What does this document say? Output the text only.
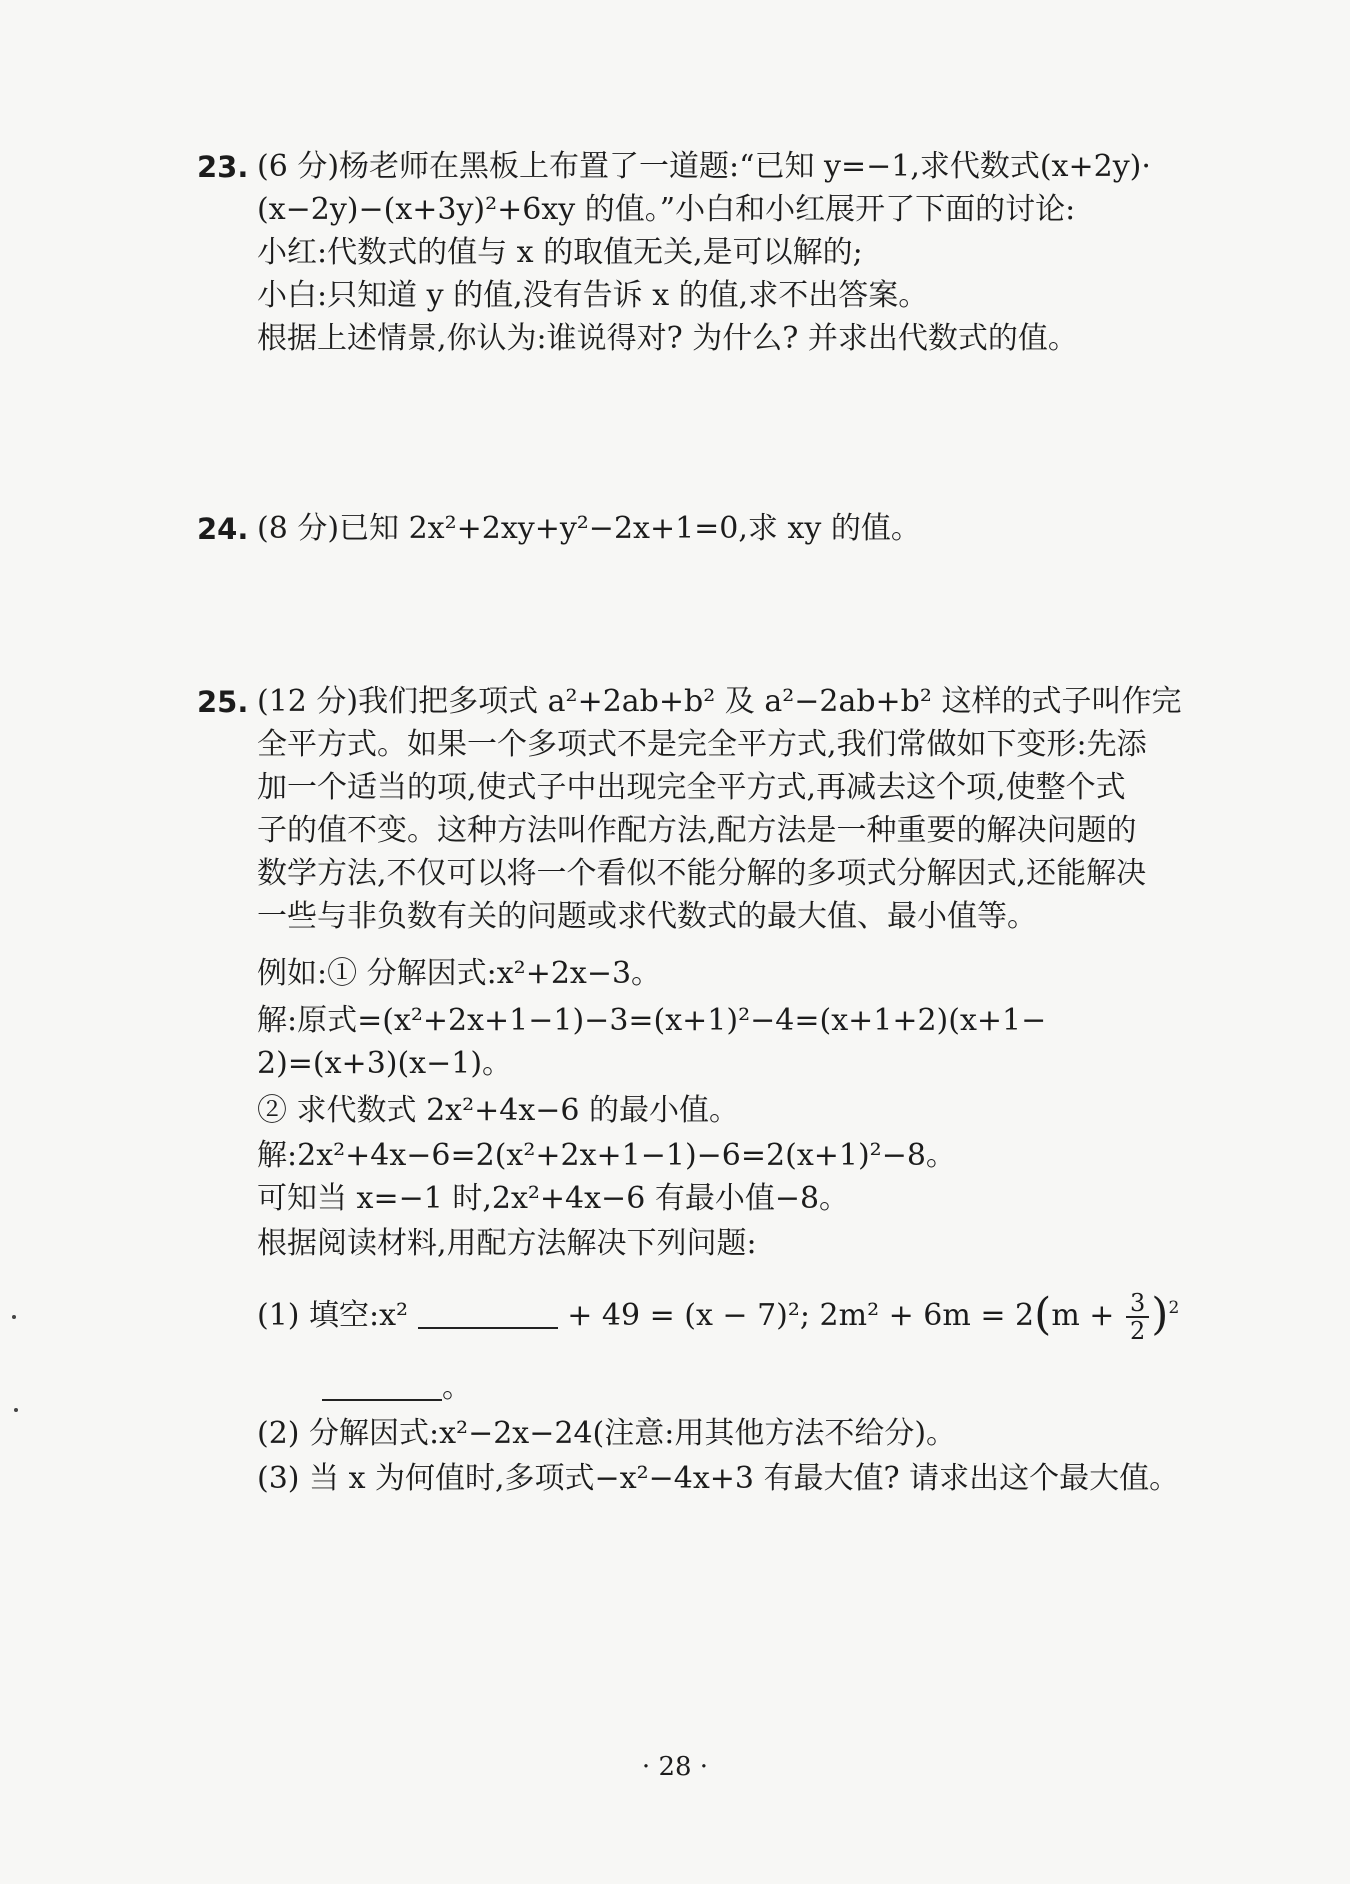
23. (6 分)杨老师在黑板上布置了一道题:“已知 y=−1,求代数式(x+2y)·
(x−2y)−(x+3y)²+6xy 的值。”小白和小红展开了下面的讨论:
小红:代数式的值与 x 的取值无关,是可以解的;
小白:只知道 y 的值,没有告诉 x 的值,求不出答案。
根据上述情景,你认为:谁说得对? 为什么? 并求出代数式的值。
24. (8 分)已知 2x²+2xy+y²−2x+1=0,求 xy 的值。
25. (12 分)我们把多项式 a²+2ab+b² 及 a²−2ab+b² 这样的式子叫作完
全平方式。如果一个多项式不是完全平方式,我们常做如下变形:先添
加一个适当的项,使式子中出现完全平方式,再减去这个项,使整个式
子的值不变。这种方法叫作配方法,配方法是一种重要的解决问题的
数学方法,不仅可以将一个看似不能分解的多项式分解因式,还能解决
一些与非负数有关的问题或求代数式的最大值、最小值等。
例如:① 分解因式:x²+2x−3。
解:原式=(x²+2x+1−1)−3=(x+1)²−4=(x+1+2)(x+1−
2)=(x+3)(x−1)。
② 求代数式 2x²+4x−6 的最小值。
解:2x²+4x−6=2(x²+2x+1−1)−6=2(x+1)²−8。
可知当 x=−1 时,2x²+4x−6 有最小值−8。
根据阅读材料,用配方法解决下列问题:
(1) 填空:x²	+ 49 = (x − 7)²; $2m^2 + 6m = 2(m + \frac{3}{2} )^2$
。
(2) 分解因式:x²−2x−24(注意:用其他方法不给分)。
(3) 当 x 为何值时,多项式−x²−4x+3 有最大值? 请求出这个最大值。
· 28 ·
